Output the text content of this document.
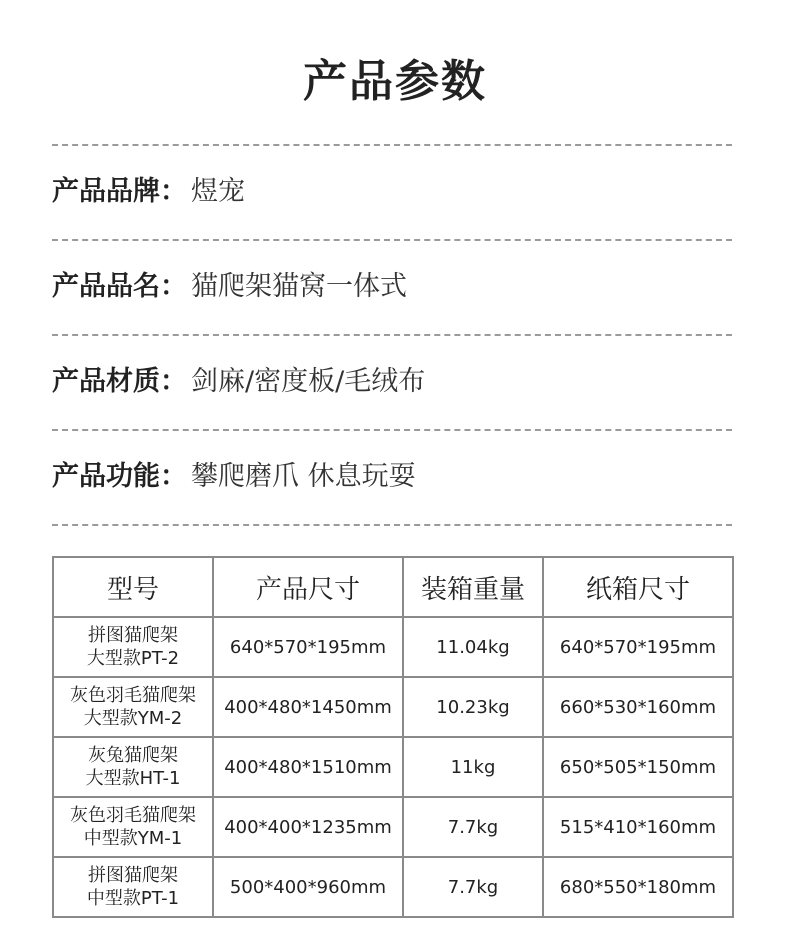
产品参数
产品品牌： 煜宠
产品品名： 猫爬架猫窝一体式
产品材质： 剑麻/密度板/毛绒布
产品功能： 攀爬磨爪 休息玩耍
型号	产品尺寸	装箱重量	纸箱尺寸

拼图猫爬架
大型款PT-2	640*570*195mm	11.04kg	640*570*195mm

灰色羽毛猫爬架
大型款YM-2	400*480*1450mm	10.23kg	660*530*160mm

灰兔猫爬架
大型款HT-1	400*480*1510mm	11kg	650*505*150mm

灰色羽毛猫爬架
中型款YM-1	400*400*1235mm	7.7kg	515*410*160mm

拼图猫爬架
中型款PT-1	500*400*960mm	7.7kg	680*550*180mm
